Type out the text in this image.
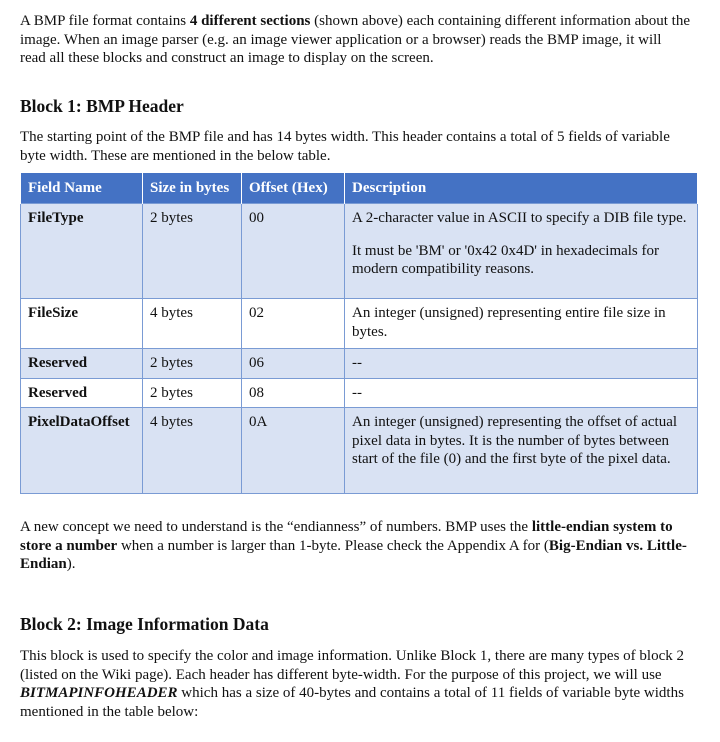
A BMP file format contains 4 different sections (shown above) each containing different information about the image. When an image parser (e.g. an image viewer application or a browser) reads the BMP image, it will read all these blocks and construct an image to display on the screen.

Block 1: BMP Header

The starting point of the BMP file and has 14 bytes width. This header contains a total of 5 fields of variable byte width. These are mentioned in the below table.

Field Name	Size in bytes	Offset (Hex)	Description
FileType	2 bytes	00	A 2-character value in ASCII to specify a DIB file type.
It must be 'BM' or '0x42 0x4D' in hexadecimals for modern compatibility reasons.

FileSize	4 bytes	02	An integer (unsigned) representing entire file size in bytes.
Reserved	2 bytes	06	--
Reserved	2 bytes	08	--
PixelDataOffset	4 bytes	0A	An integer (unsigned) representing the offset of actual pixel data in bytes. It is the number of bytes between start of the file (0) and the first byte of the pixel data.

A new concept we need to understand is the “endianness” of numbers. BMP uses the little-endian system to store a number when a number is larger than 1-byte. Please check the Appendix A for (Big-Endian vs. Little-Endian).

Block 2: Image Information Data

This block is used to specify the color and image information. Unlike Block 1, there are many types of block 2 (listed on the Wiki page). Each header has different byte-width. For the purpose of this project, we will use BITMAPINFOHEADER which has a size of 40-bytes and contains a total of 11 fields of variable byte widths mentioned in the table below:
